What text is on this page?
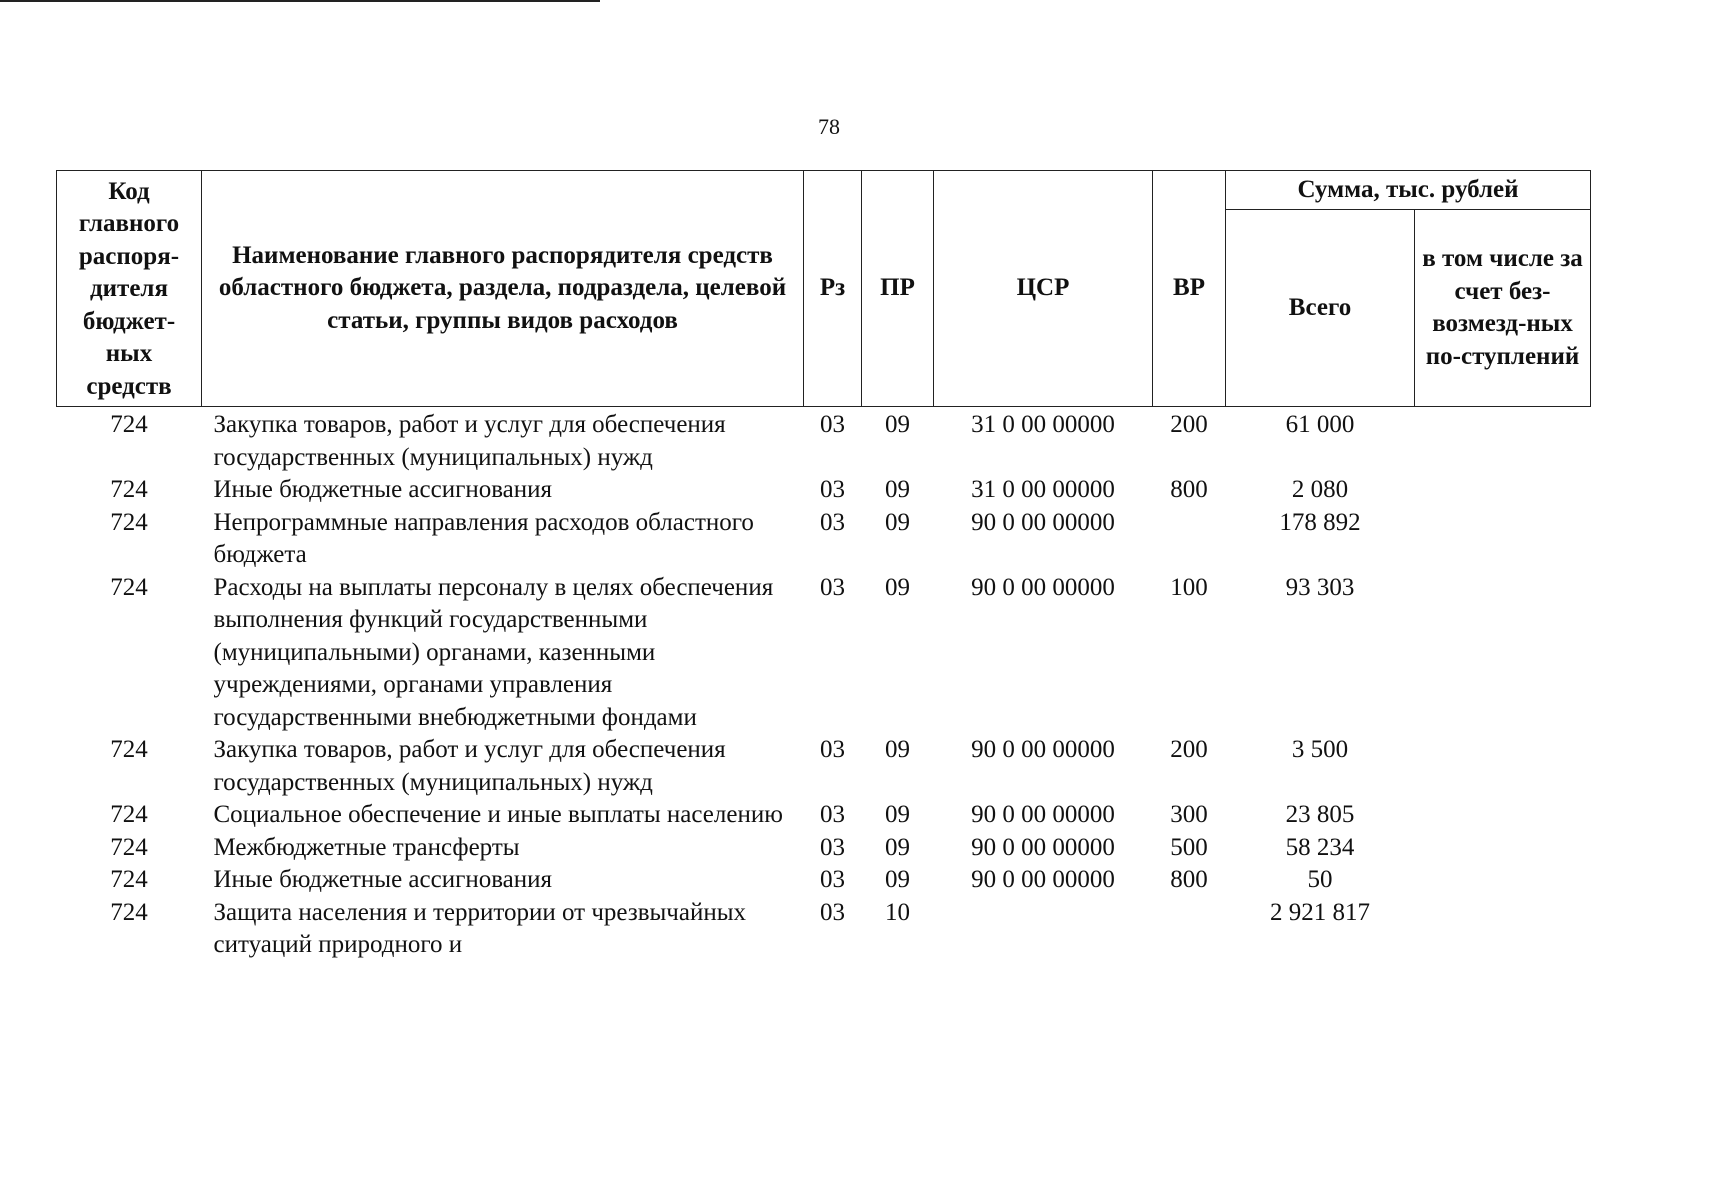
78
Код главного распоря-дителя бюджет-ных средств	Наименование главного распорядителя средств областного бюджета, раздела, подраздела, целевой статьи, группы видов расходов	Рз	ПР	ЦСР	ВР	Сумма, тыс. рублей	
						Всего	в том числе за счет без-возмезд-ных по-ступлений
724	Закупка товаров, работ и услуг для обеспечения государственных (муниципальных) нужд	03	09	31 0 00 00000	200	61 000	
724	Иные бюджетные ассигнования	03	09	31 0 00 00000	800	2 080	
724	Непрограммные направления расходов областного бюджета	03	09	90 0 00 00000		178 892	
724	Расходы на выплаты персоналу в целях обеспечения выполнения функций государственными (муниципальными) органами, казенными учреждениями, органами управления государственными внебюджетными фондами	03	09	90 0 00 00000	100	93 303	
724	Закупка товаров, работ и услуг для обеспечения государственных (муниципальных) нужд	03	09	90 0 00 00000	200	3 500	
724	Социальное обеспечение и иные выплаты населению	03	09	90 0 00 00000	300	23 805	
724	Межбюджетные трансферты	03	09	90 0 00 00000	500	58 234	
724	Иные бюджетные ассигнования	03	09	90 0 00 00000	800	50	
724	Защита населения и территории от чрезвычайных ситуаций природного и	03	10			2 921 817	
